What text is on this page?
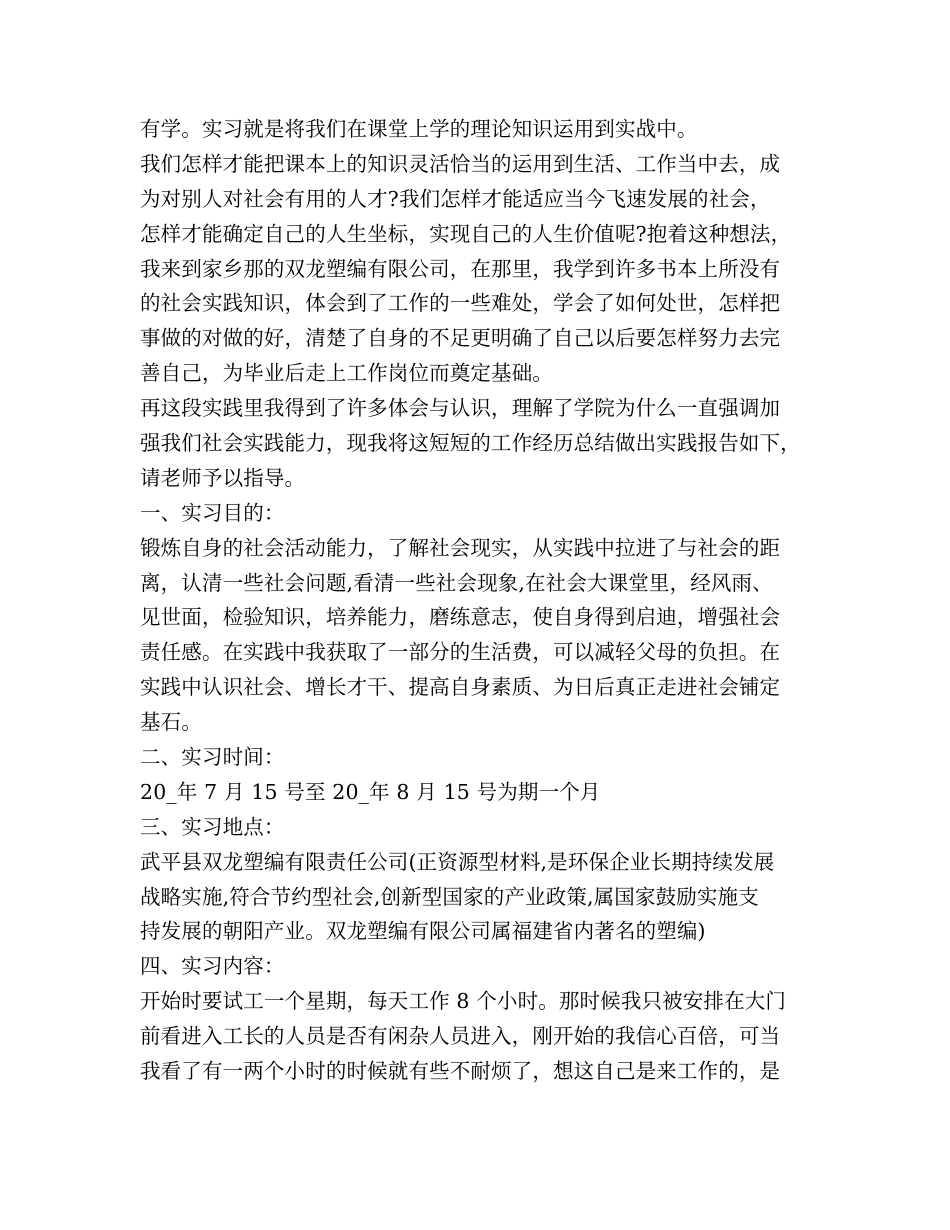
有学。实习就是将我们在课堂上学的理论知识运用到实战中。
我们怎样才能把课本上的知识灵活恰当的运用到生活、工作当中去，成
为对别人对社会有用的人才?我们怎样才能适应当今飞速发展的社会，
怎样才能确定自己的人生坐标，实现自己的人生价值呢?抱着这种想法，
我来到家乡那的双龙塑编有限公司，在那里，我学到许多书本上所没有
的社会实践知识，体会到了工作的一些难处，学会了如何处世，怎样把
事做的对做的好，清楚了自身的不足更明确了自己以后要怎样努力去完
善自己，为毕业后走上工作岗位而奠定基础。
再这段实践里我得到了许多体会与认识，理解了学院为什么一直强调加
强我们社会实践能力，现我将这短短的工作经历总结做出实践报告如下，
请老师予以指导。
一、实习目的：
锻炼自身的社会活动能力，了解社会现实，从实践中拉进了与社会的距
离，认清一些社会问题,看清一些社会现象,在社会大课堂里，经风雨、
见世面，检验知识，培养能力，磨练意志，使自身得到启迪，增强社会
责任感。在实践中我获取了一部分的生活费，可以减轻父母的负担。在
实践中认识社会、增长才干、提高自身素质、为日后真正走进社会铺定
基石。
二、实习时间：
20_年 7 月 15 号至 20_年 8 月 15 号为期一个月
三、实习地点：
武平县双龙塑编有限责任公司(正资源型材料,是环保企业长期持续发展
战略实施,符合节约型社会,创新型国家的产业政策,属国家鼓励实施支
持发展的朝阳产业。双龙塑编有限公司属福建省内著名的塑编)
四、实习内容：
开始时要试工一个星期，每天工作 8 个小时。那时候我只被安排在大门
前看进入工长的人员是否有闲杂人员进入，刚开始的我信心百倍，可当
我看了有一两个小时的时候就有些不耐烦了，想这自己是来工作的，是
